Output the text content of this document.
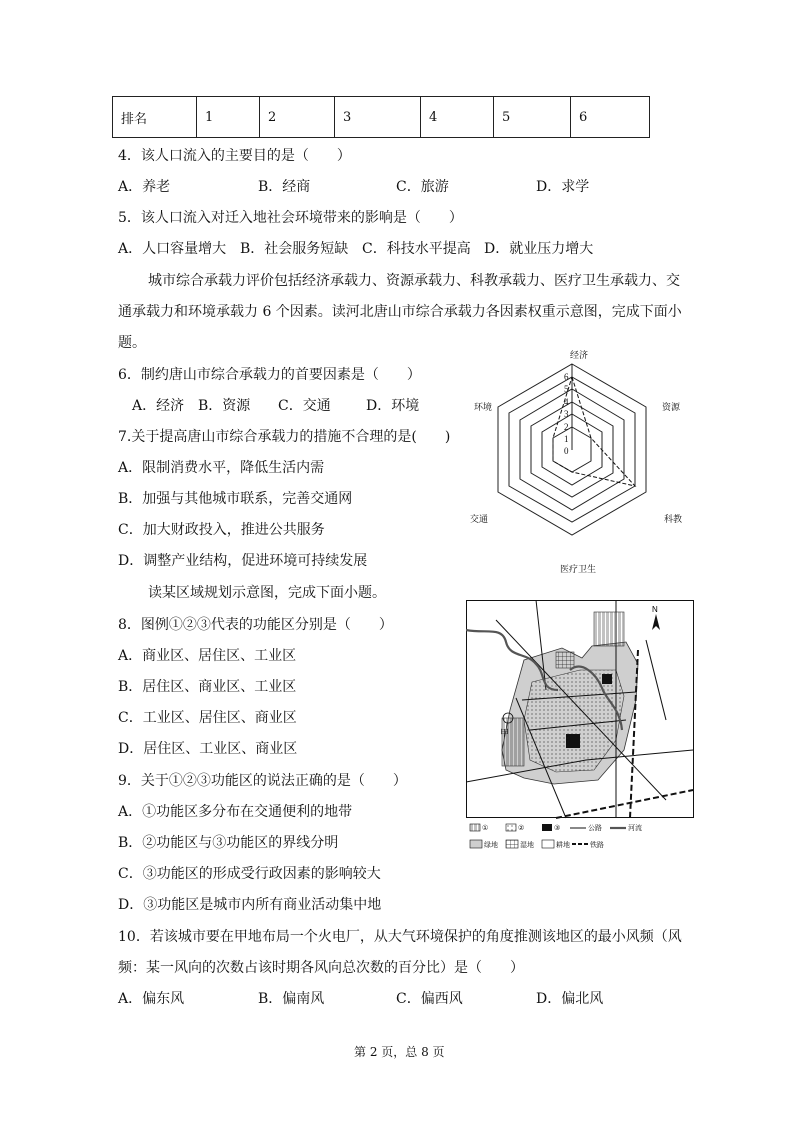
排名	1	2	3	4	5	6
4．该人口流入的主要目的是（　　）
A．养老	B．经商	C．旅游	D．求学
5．该人口流入对迁入地社会环境带来的影响是（　　）
A．人口容量增大 B．社会服务短缺 C．科技水平提高 D．就业压力增大
城市综合承载力评价包括经济承载力、资源承载力、科教承载力、医疗卫生承载力、交
通承载力和环境承载力 6 个因素。读河北唐山市综合承载力各因素权重示意图，完成下面小
题。
6．制约唐山市综合承载力的首要因素是（　　）
A．经济 B．资源 C．交通	D．环境
7.关于提高唐山市综合承载力的措施不合理的是(　　)
A．限制消费水平，降低生活内需
B．加强与其他城市联系，完善交通网
C．加大财政投入，推进公共服务
D．调整产业结构，促进环境可持续发展
0
1
2
3
4
5
6
经济
资源
科教
医疗卫生
交通
环境
读某区域规划示意图，完成下面小题。
8．图例①②③代表的功能区分别是（　　）
A．商业区、居住区、工业区
B．居住区、商业区、工业区
C．工业区、居住区、商业区
D．居住区、工业区、商业区
9．关于①②③功能区的说法正确的是（　　）
A．①功能区多分布在交通便利的地带
B．②功能区与③功能区的界线分明
C．③功能区的形成受行政因素的影响较大
D．③功能区是城市内所有商业活动集中地
N
甲
①	②	③	公路	河流
绿地	湿地	耕地	铁路
10．若该城市要在甲地布局一个火电厂，从大气环境保护的角度推测该地区的最小风频（风
频：某一风向的次数占该时期各风向总次数的百分比）是（　　）
A．偏东风	B．偏南风	C．偏西风	D．偏北风
第 2 页，总 8 页
